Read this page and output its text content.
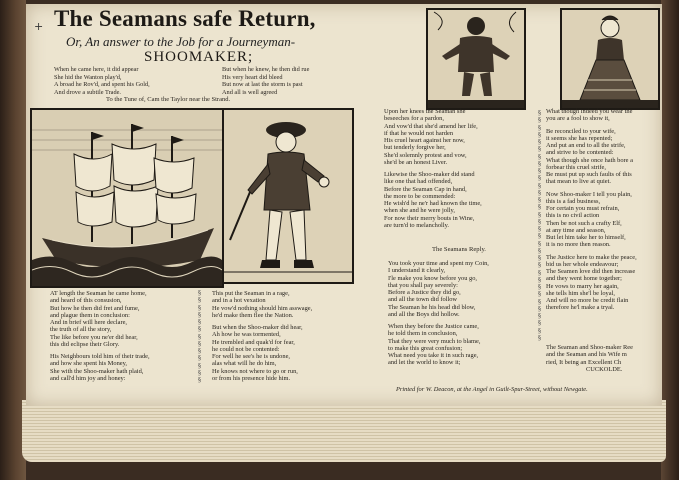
+ The Seamans safe Return,
Or, An answer to the Job for a Journeyman-
SHOOMAKER;
When he came here, it did appear
She hid the Wanton play'd,
A broad he Rov'd, and spent his Gold,
And drove a subtile Trade.
But when he knew, he then did rue
His very heart did bleed
But now at last the storm is past
And all is well agreed
To the Tune of, Cam the Taylor near the Strand.
AT length the Seaman he came home,
and heard of this consusion,
But how he then did fret and fume,
and plague them in conclusion:
And in brief will here declare,
the truth of all the story,
The like before you ne'er did hear,
this did eclipse their Glory.
His Neighbours told him of their trade,
and how she spent his Money,
She with the Shoo-maker hath plaid,
and call'd him joy and honey:
§
§
§
§
§
§
§
§
§
§
§
§
§
This put the Seaman in a rage,
and in a hot vexation
He vow'd nothing should him asswage,
he'd make them flee the Nation.
But when the Shoo-maker did hear,
Ah how he was tormented,
He trembled and quak'd for fear,
he could not be contented:
For well he see's he is undone,
alas what will he do him,
He knows not where to go or run,
or from his presence hide him.
Upon her knees the Seaman she
beseeches for a pardon,
And vow'd that she'd amend her life,
if that he would not harden
His cruel heart against her now,
but tenderly forgive her,
She'd solemnly protest and vow,
she'd be an honest Liver.
Likewise the Shoo-maker did stand
like one that had offended,
Before the Seaman Cap in hand,
the more to be commended:
He wish'd he ne'r had known the time,
when she and he were jolly,
For now their merry bouts in Wine,
are turn'd to melancholly.
The Seamans Reply.
You took your time and spent my Coin,
I understand it clearly,
I'le make you know before you go,
that you shall pay severely:
Before a Justice they did go,
and all the town did follow
The Seaman he his head did blow,
and all the Boys did hollow.
When they before the Justice came,
he told them in conclusion,
That they were very much to blame,
to make this great confusion;
What need you take it in such rage,
and let the world to know it;
Printed for W. Deacon, at the Angel in Guilt-Spur-Street, without Newgate.
§
§
§
§
§
§
§
§
§
§
§
§
§
§
§
§
§
§
§
§
§
§
§
§
§
§
§
§
§
§
§
§
What though indeed you wear the
you are a fool to show it,
Be reconciled to your wife,
it seems she has repented;
And put an end to all the strife,
and strive to be contented:
What though she once hath bore a
forbear this cruel strife,
Be must put up such faults of this
that mean to live at quiet.
Now Shoo-maker I tell you plain,
this is a fad business,
For certain you must refrain,
this is no civil action
Then be not such a crafty Elf,
at any time and season,
But let him take her to himself,
it is no more then reason.
The Justice here to make the peace,
bid us her whole endeavour;
The Seamen love did then increase
and they went home together;
He vows to marry her again,
she tells him she'l be loyal,
And will no more be credit flain
therefore he'l make a tryal.
The Seaman and Shoo-maker Ree
and the Seaman and his Wife m
ried, It being an Excellent Ch
CUCKOLDE.
